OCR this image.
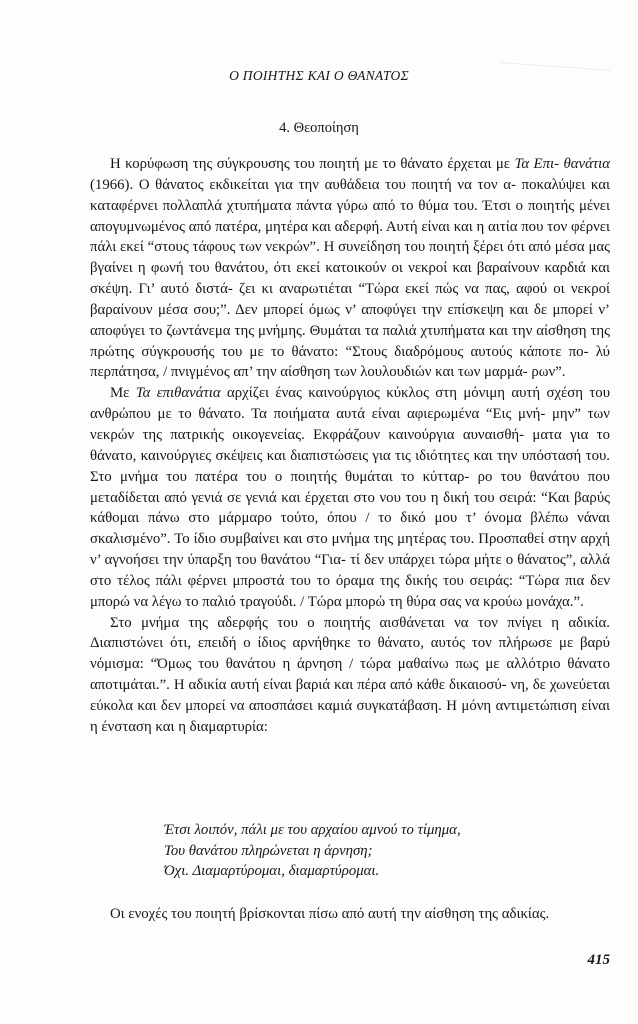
Ο ΠΟΙΗΤΗΣ ΚΑΙ Ο ΘΑΝΑΤΟΣ
4. Θεοποίηση

Η κορύφωση της σύγκρουσης του ποιητή με το θάνατο έρχεται με Τα Επι- θανάτια (1966). Ο θάνατος εκδικείται για την αυθάδεια του ποιητή να τον α- ποκαλύψει και καταφέρνει πολλαπλά χτυπήματα πάντα γύρω από το θύμα του. Έτσι ο ποιητής μένει απογυμνωμένος από πατέρα, μητέρα και αδερφή. Αυτή είναι και η αιτία που τον φέρνει πάλι εκεί “στους τάφους των νεκρών”. Η συνείδηση του ποιητή ξέρει ότι από μέσα μας βγαίνει η φωνή του θανάτου, ότι εκεί κατοικούν οι νεκροί και βαραίνουν καρδιά και σκέψη. Γι’ αυτό διστά- ζει κι αναρωτιέται “Τώρα εκεί πώς να πας, αφού οι νεκροί βαραίνουν μέσα σου;”. Δεν μπορεί όμως ν’ αποφύγει την επίσκεψη και δε μπορεί ν’ αποφύγει το ζωντάνεμα της μνήμης. Θυμάται τα παλιά χτυπήματα και την αίσθηση της πρώτης σύγκρουσής του με το θάνατο: “Στους διαδρόμους αυτούς κάποτε πο- λύ περπάτησα, / πνιγμένος απ’ την αίσθηση των λουλουδιών και των μαρμά- ρων”.

Με Τα επιθανάτια αρχίζει ένας καινούργιος κύκλος στη μόνιμη αυτή σχέση του ανθρώπου με το θάνατο. Τα ποιήματα αυτά είναι αφιερωμένα “Εις μνή- μην” των νεκρών της πατρικής οικογενείας. Εκφράζουν καινούργια αυναισθή- ματα για το θάνατο, καινούργιες σκέψεις και διαπιστώσεις για τις ιδιότητες και την υπόστασή του. Στο μνήμα του πατέρα του ο ποιητής θυμάται το κύτταρ- ρο του θανάτου που μεταδίδεται από γενιά σε γενιά και έρχεται στο νου του η δική του σειρά: “Και βαρύς κάθομαι πάνω στο μάρμαρο τούτο, όπου / το δικό μου τ’ όνομα βλέπω νάναι σκαλισμένο”. Το ίδιο συμβαίνει και στο μνήμα της μητέρας του. Προσπαθεί στην αρχή ν’ αγνοήσει την ύπαρξη του θανάτου “Για- τί δεν υπάρχει τώρα μήτε ο θάνατος”, αλλά στο τέλος πάλι φέρνει μπροστά του το όραμα της δικής του σειράς: “Τώρα πια δεν μπορώ να λέγω το παλιό τραγούδι. / Τώρα μπορώ τη θύρα σας να κρούω μονάχα.”.

Στο μνήμα της αδερφής του ο ποιητής αισθάνεται να τον πνίγει η αδικία. Διαπιστώνει ότι, επειδή ο ίδιος αρνήθηκε το θάνατο, αυτός τον πλήρωσε με βαρύ νόμισμα: “Όμως του θανάτου η άρνηση / τώρα μαθαίνω πως με αλλότριο θάνατο αποτιμάται.”. Η αδικία αυτή είναι βαριά και πέρα από κάθε δικαιοσύ- νη, δε χωνεύεται εύκολα και δεν μπορεί να αποσπάσει καμιά συγκατάβαση. Η μόνη αντιμετώπιση είναι η ένσταση και η διαμαρτυρία:

Έτσι λοιπόν, πάλι με του αρχαίου αμνού το τίμημα,
Του θανάτου πληρώνεται η άρνηση;
Όχι. Διαμαρτύρομαι, διαμαρτύρομαι.
Οι ενοχές του ποιητή βρίσκονται πίσω από αυτή την αίσθηση της αδικίας.
415
